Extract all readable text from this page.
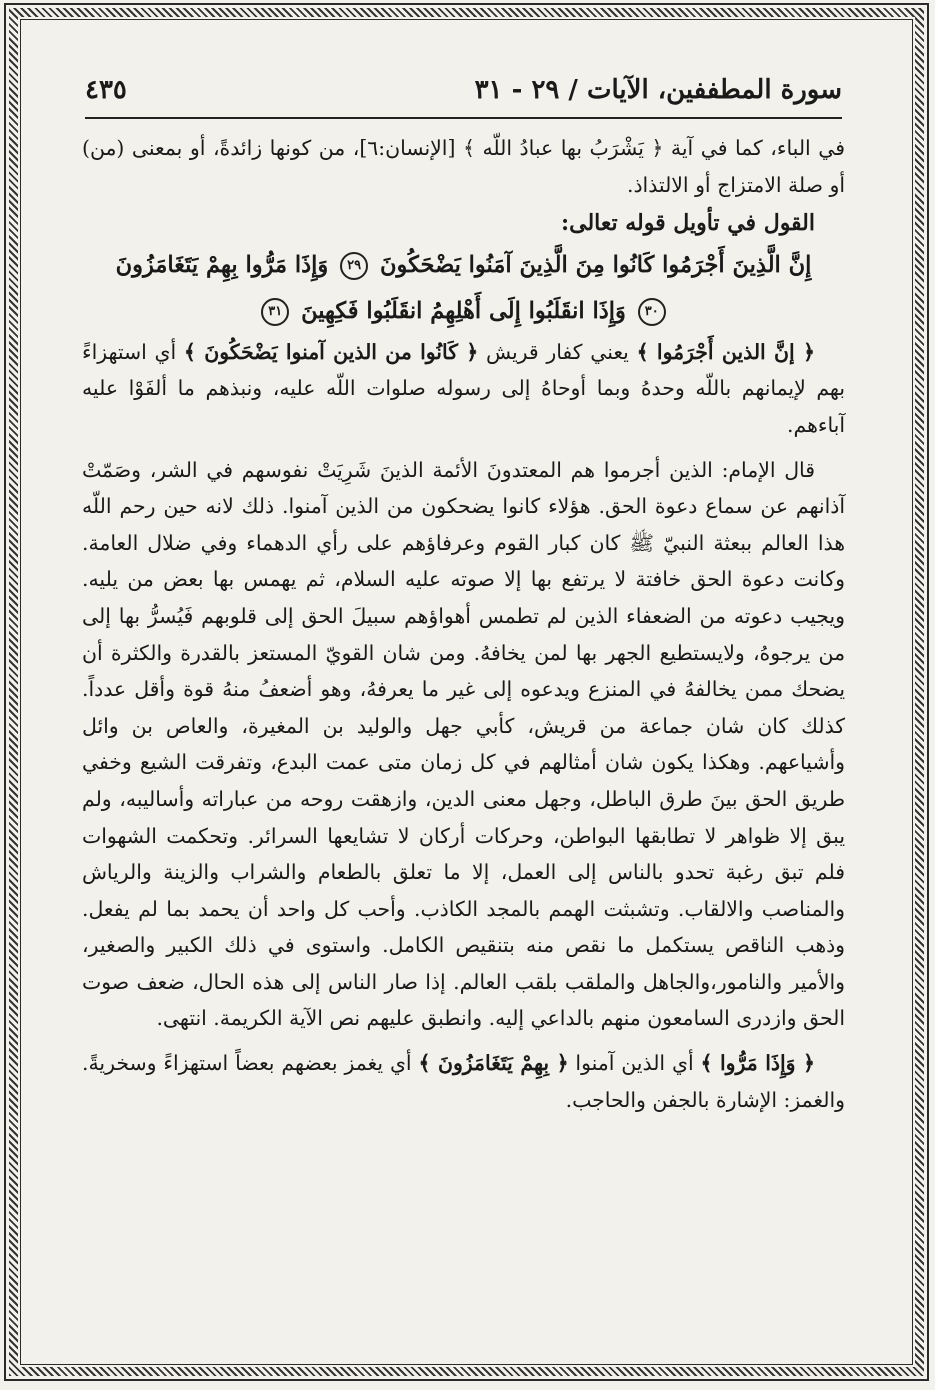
سورة المطففين، الآيات / ٢٩ - ٣١
٤٣٥

في الباء، كما في آية ﴿ يَشْرَبُ بها عبادُ اللّه ﴾ [الإنسان:٦]، من كونها زائدةً، أو بمعنى (من) أو صلة الامتزاج أو الالتذاذ.

القول في تأويل قوله تعالى:

إِنَّ الَّذِينَ أَجْرَمُوا كَانُوا مِنَ الَّذِينَ آمَنُوا يَضْحَكُونَ ٢٩ وَإِذَا مَرُّوا بِهِمْ يَتَغَامَزُونَ

٣٠ وَإِذَا انقَلَبُوا إِلَى أَهْلِهِمُ انقَلَبُوا فَكِهِينَ ٣١

﴿ إنَّ الذين أَجْرَمُوا ﴾ يعني كفار قريش ﴿ كَانُوا من الذين آمنوا يَضْحَكُونَ ﴾ أي استهزاءً بهم لإيمانهم باللّه وحدهُ وبما أوحاهُ إلى رسوله صلوات اللّه عليه، ونبذهم ما ألفَوْا عليه آباءهم.

قال الإمام: الذين أجرموا هم المعتدونَ الأئمة الذينَ شَرِيَتْ نفوسهم في الشر، وصَمّتْ آذانهم عن سماع دعوة الحق. هؤلاء كانوا يضحكون من الذين آمنوا. ذلك لانه حين رحم اللّه هذا العالم ببعثة النبيّ ﷺ كان كبار القوم وعرفاؤهم على رأي الدهماء وفي ضلال العامة. وكانت دعوة الحق خافتة لا يرتفع بها إلا صوته عليه السلام، ثم يهمس بها بعض من يليه. ويجيب دعوته من الضعفاء الذين لم تطمس أهواؤهم سبيلَ الحق إلى قلوبهم فَيُسرُّ بها إلى من يرجوهُ، ولايستطيع الجهر بها لمن يخافهُ. ومن شان القويّ المستعز بالقدرة والكثرة أن يضحك ممن يخالفهُ في المنزع ويدعوه إلى غير ما يعرفهُ، وهو أضعفُ منهُ قوة وأقل عدداً. كذلك كان شان جماعة من قريش، كأبي جهل والوليد بن المغيرة، والعاص بن وائل وأشياعهم. وهكذا يكون شان أمثالهم في كل زمان متى عمت البدع، وتفرقت الشيع وخفي طريق الحق بينَ طرق الباطل، وجهل معنى الدين، وازهقت روحه من عباراته وأساليبه، ولم يبق إلا ظواهر لا تطابقها البواطن، وحركات أركان لا تشايعها السرائر. وتحكمت الشهوات فلم تبق رغبة تحدو بالناس إلى العمل، إلا ما تعلق بالطعام والشراب والزينة والرياش والمناصب والالقاب. وتشبثت الهمم بالمجد الكاذب. وأحب كل واحد أن يحمد بما لم يفعل. وذهب الناقص يستكمل ما نقص منه بتنقيص الكامل. واستوى في ذلك الكبير والصغير، والأمير والنامور،والجاهل والملقب بلقب العالم. إذا صار الناس إلى هذه الحال، ضعف صوت الحق وازدرى السامعون منهم بالداعي إليه. وانطبق عليهم نص الآية الكريمة. انتهى.

﴿ وَإِذَا مَرُّوا ﴾ أي الذين آمنوا ﴿ بِهِمْ يَتَغَامَزُونَ ﴾ أي يغمز بعضهم بعضاً استهزاءً وسخريةً. والغمز: الإشارة بالجفن والحاجب.
